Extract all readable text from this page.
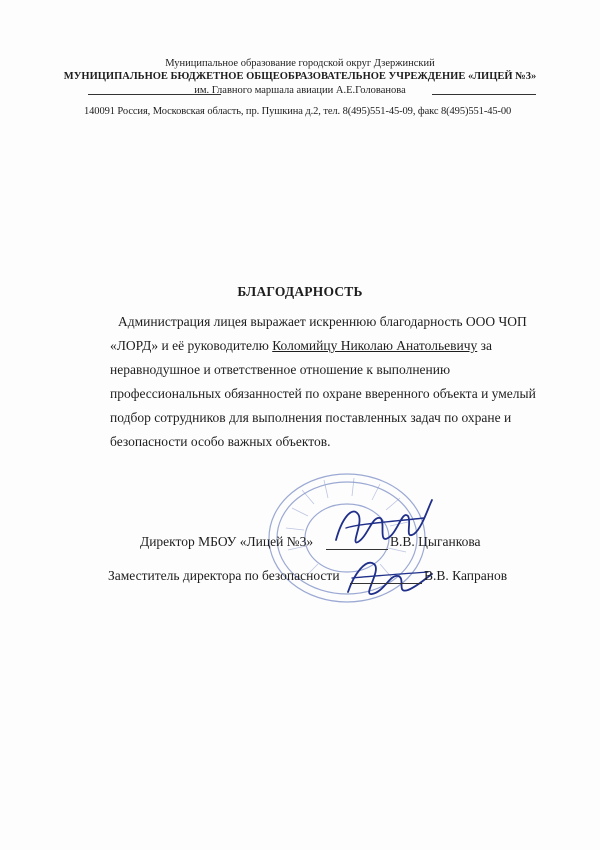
Муниципальное образование городской округ Дзержинский
МУНИЦИПАЛЬНОЕ БЮДЖЕТНОЕ ОБЩЕОБРАЗОВАТЕЛЬНОЕ УЧРЕЖДЕНИЕ «ЛИЦЕЙ №3»
им. Главного маршала авиации А.Е.Голованова
140091 Россия, Московская область, пр. Пушкина д.2, тел. 8(495)551-45-09, факс 8(495)551-45-00
БЛАГОДАРНОСТЬ
Администрация лицея выражает искреннюю благодарность ООО ЧОП
«ЛОРД» и её руководителю Коломийцу Николаю Анатольевичу за
неравнодушное и ответственное отношение к выполнению
профессиональных обязанностей по охране вверенного объекта и умелый
подбор сотрудников для выполнения поставленных задач по охране и
безопасности особо важных объектов.
Директор МБОУ «Лицей №3»	В.В. Цыганкова
Заместитель директора по безопасности	В.В. Капранов
